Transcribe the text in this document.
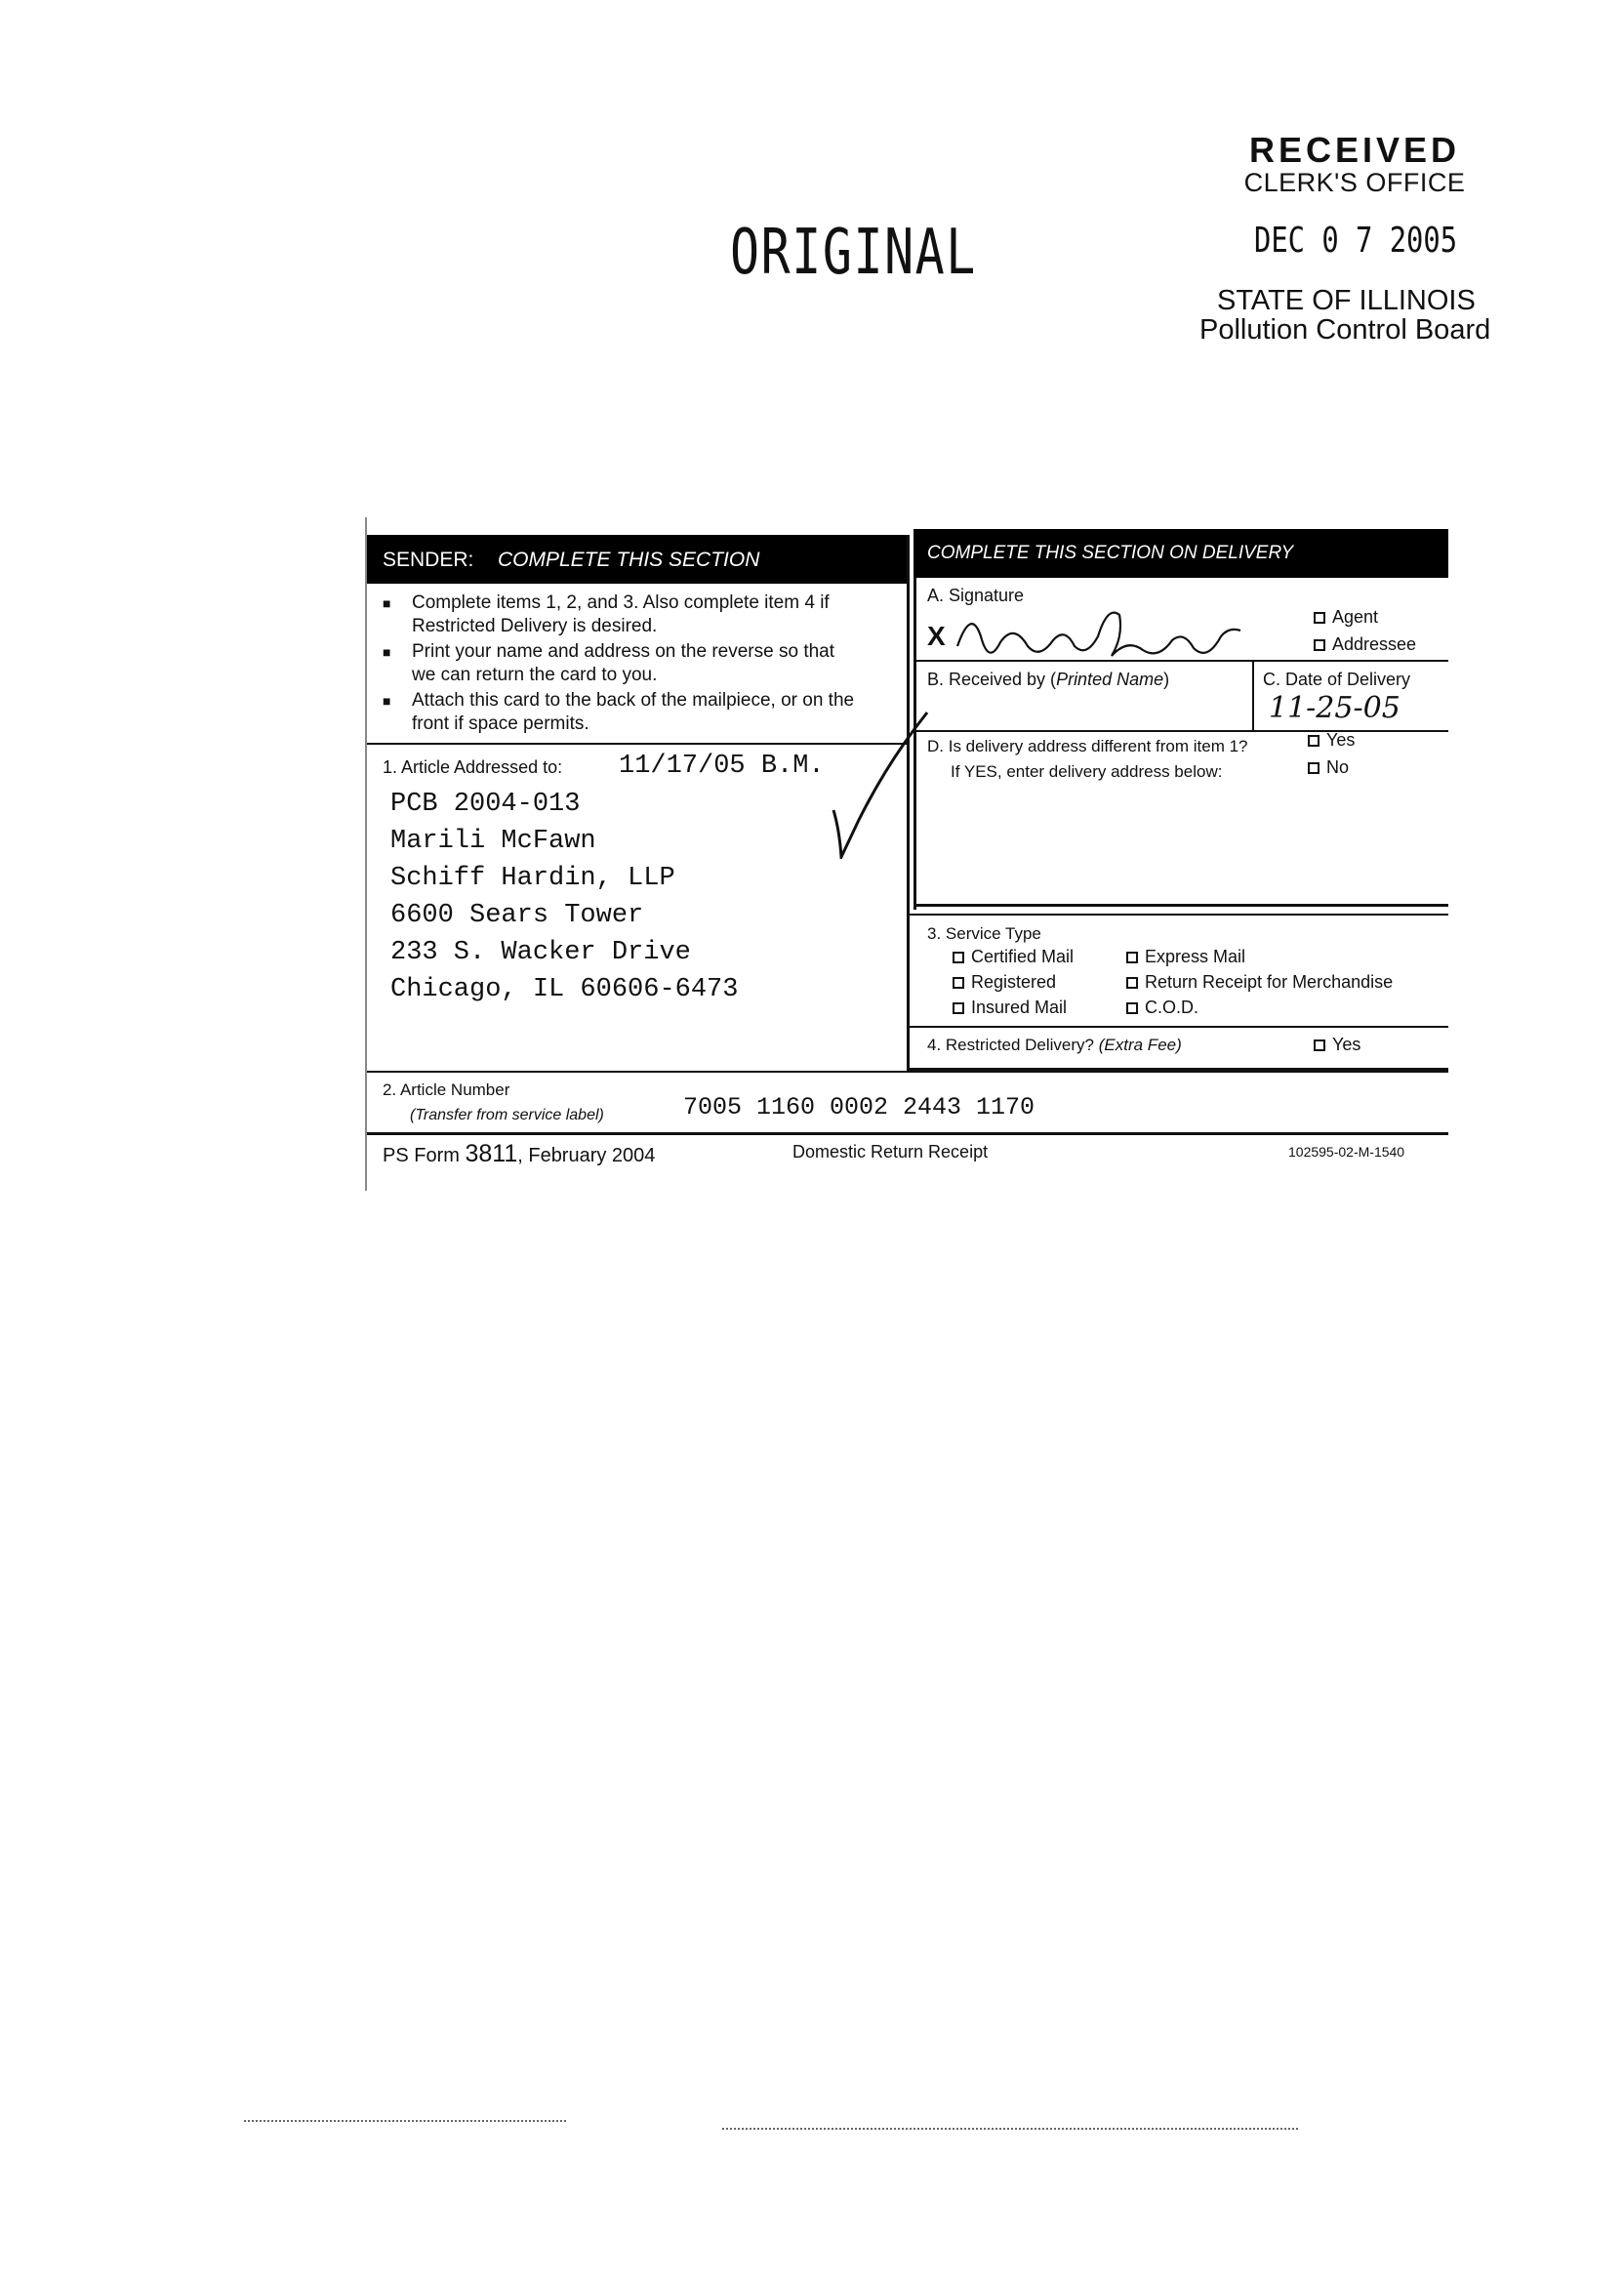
RECEIVED
CLERK'S OFFICE
DEC 0 7 2005
STATE OF ILLINOIS
Pollution Control Board
ORIGINAL
SENDER: COMPLETE THIS SECTION	COMPLETE THIS SECTION ON DELIVERY
■ Complete items 1, 2, and 3. Also complete item 4 if Restricted Delivery is desired.
■ Print your name and address on the reverse so that we can return the card to you.
■ Attach this card to the back of the mailpiece, or on the front if space permits.
1. Article Addressed to: 11/17/05 B.M.
PCB 2004-013
Marili McFawn
Schiff Hardin, LLP
6600 Sears Tower
233 S. Wacker Drive
Chicago, IL 60606-6473
A. Signature
X
Agent
Addressee
B. Received by (Printed Name)	C. Date of Delivery
11-25-05
D. Is delivery address different from item 1?
If YES, enter delivery address below:
Yes
No
3. Service Type
Certified Mail	Express Mail
Registered	Return Receipt for Merchandise
Insured Mail	C.O.D.
4. Restricted Delivery? (Extra Fee)	Yes
2. Article Number
(Transfer from service label)	7005 1160 0002 2443 1170
PS Form 3811, February 2004	Domestic Return Receipt	102595-02-M-1540
